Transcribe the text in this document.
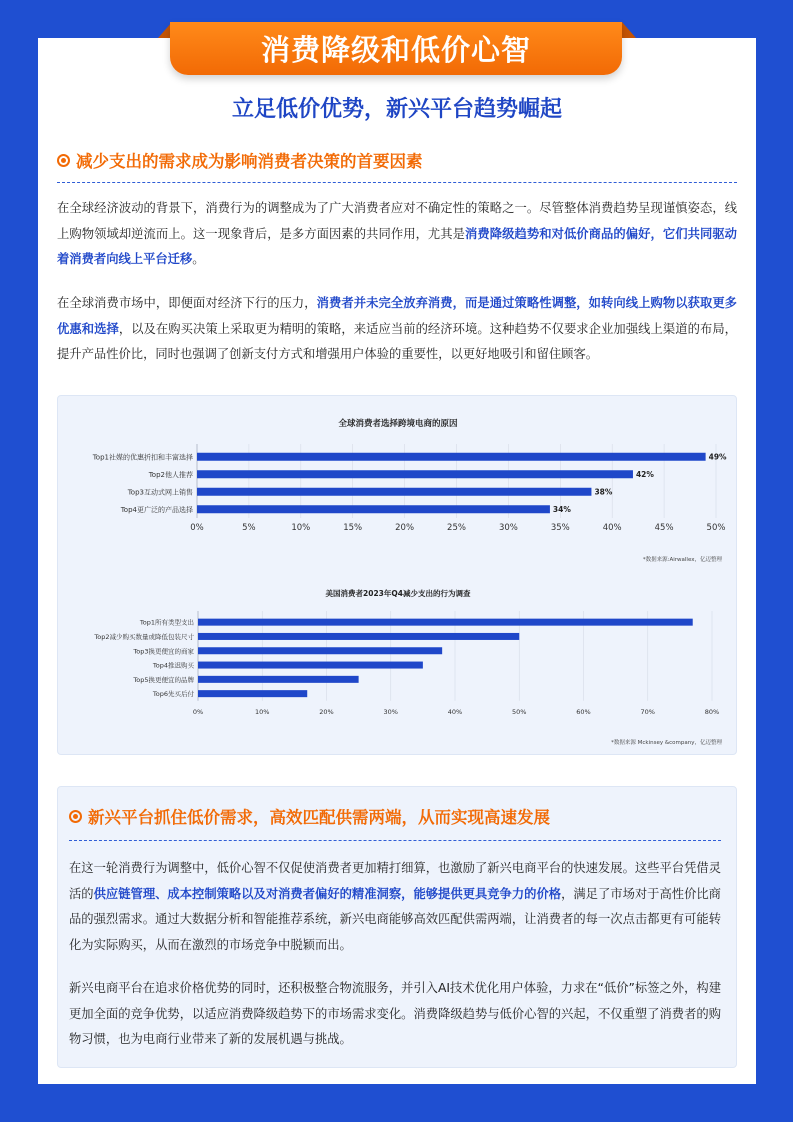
消费降级和低价心智
立足低价优势，新兴平台趋势崛起
减少支出的需求成为影响消费者决策的首要因素
在全球经济波动的背景下，消费行为的调整成为了广大消费者应对不确定性的策略之一。尽管整体消费趋势呈现谨慎姿态，线上购物领域却逆流而上。这一现象背后，是多方面因素的共同作用，尤其是消费降级趋势和对低价商品的偏好，它们共同驱动着消费者向线上平台迁移。
在全球消费市场中，即便面对经济下行的压力，消费者并未完全放弃消费，而是通过策略性调整，如转向线上购物以获取更多优惠和选择，以及在购买决策上采取更为精明的策略，来适应当前的经济环境。这种趋势不仅要求企业加强线上渠道的布局，提升产品性价比，同时也强调了创新支付方式和增强用户体验的重要性，以更好地吸引和留住顾客。
全球消费者选择跨境电商的原因
0%	5%	10%	15%	20%	25%	30%	35%	40%	45%	50%
Top1社媒的优惠折扣和丰富选择	49%
Top2他人推荐	42%
Top3互动式网上销售	38%
Top4更广泛的产品选择	34%
*数据来源:Airwallex，亿迈整理
美国消费者2023年Q4减少支出的行为调查
0%	10%	20%	30%	40%	50%	60%	70%	80%
Top1所有类型支出
Top2减少购买数量或降低包装尺寸
Top3换更便宜的商家
Top4推迟购买
Top5换更便宜的品牌
Top6先买后付
*数据来源 Mckinsey &company，亿迈整理
新兴平台抓住低价需求，高效匹配供需两端，从而实现高速发展
在这一轮消费行为调整中，低价心智不仅促使消费者更加精打细算，也激励了新兴电商平台的快速发展。这些平台凭借灵活的供应链管理、成本控制策略以及对消费者偏好的精准洞察，能够提供更具竞争力的价格，满足了市场对于高性价比商品的强烈需求。通过大数据分析和智能推荐系统，新兴电商能够高效匹配供需两端，让消费者的每一次点击都更有可能转化为实际购买，从而在激烈的市场竞争中脱颖而出。
新兴电商平台在追求价格优势的同时，还积极整合物流服务，并引入AI技术优化用户体验，力求在“低价”标签之外，构建更加全面的竞争优势，以适应消费降级趋势下的市场需求变化。消费降级趋势与低价心智的兴起，不仅重塑了消费者的购物习惯，也为电商行业带来了新的发展机遇与挑战。
